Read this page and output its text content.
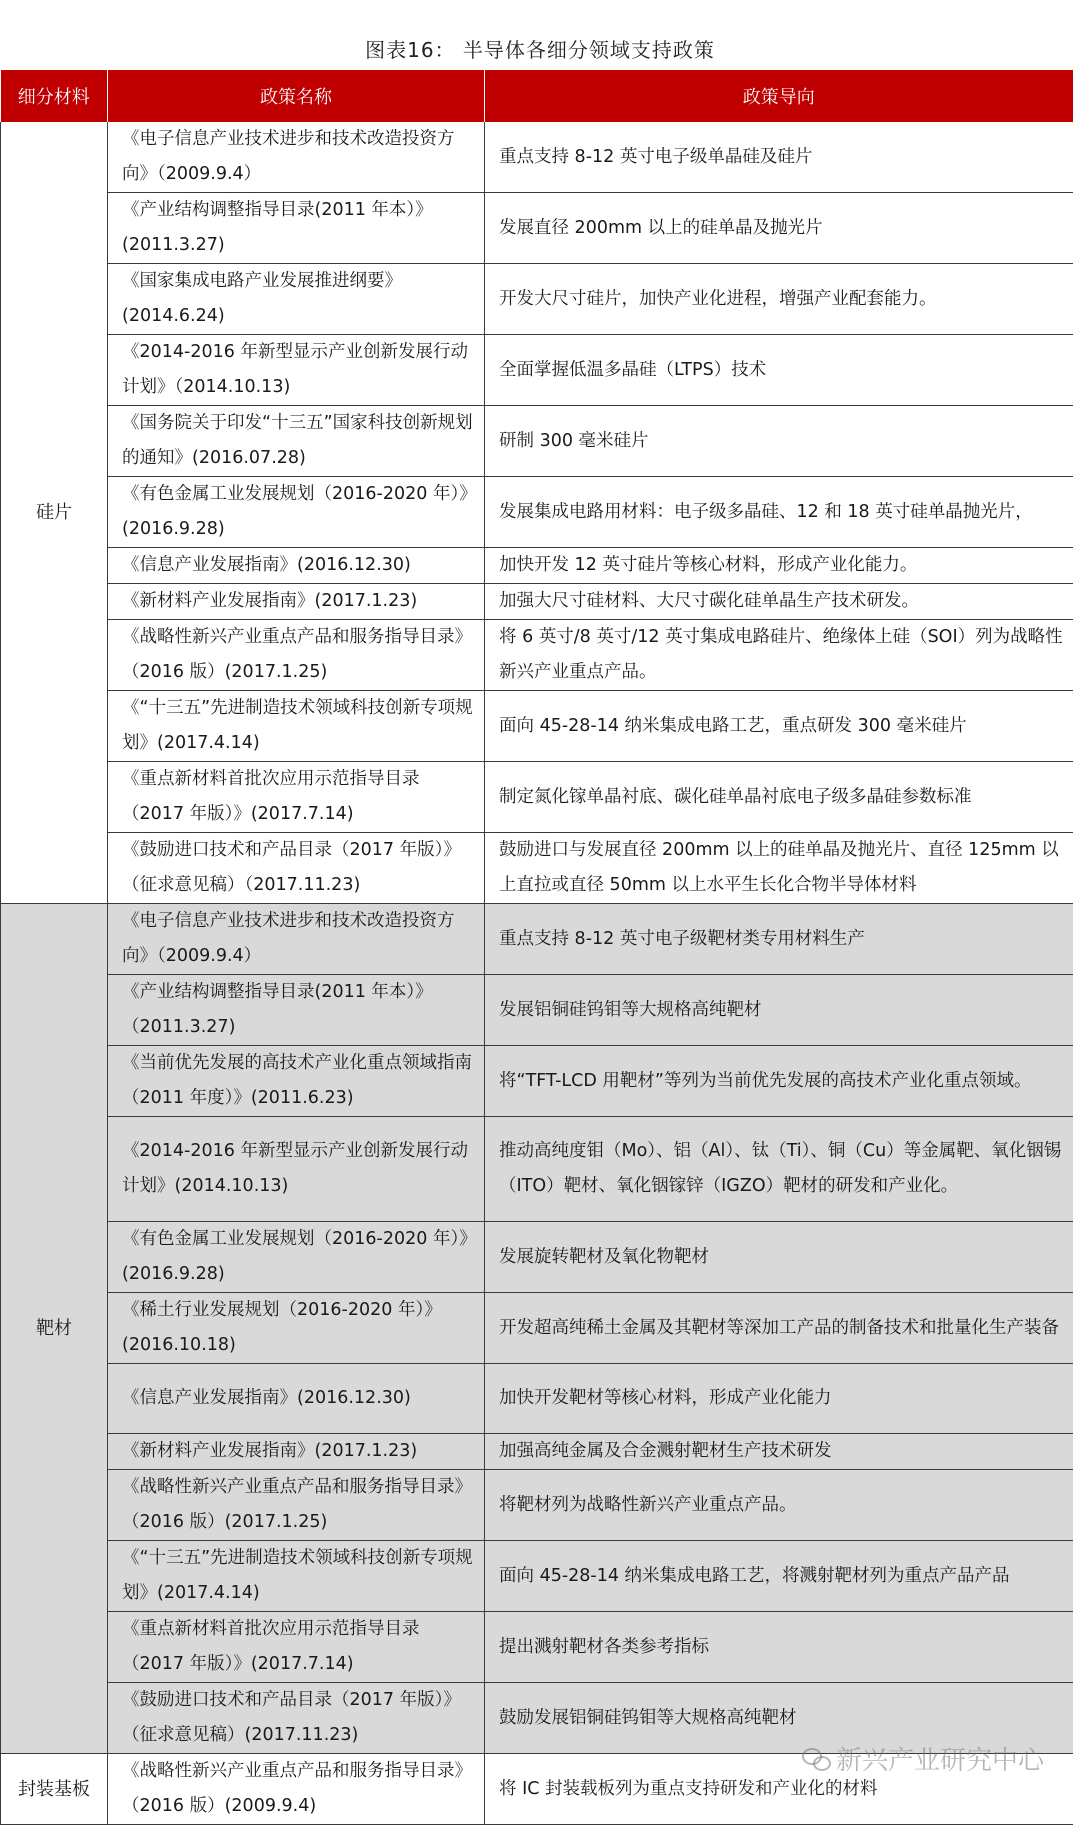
图表16： 半导体各细分领域支持政策
细分材料	政策名称	政策导向
硅片	《电子信息产业技术进步和技术改造投资方向》（2009.9.4）	重点支持 8-12 英寸电子级单晶硅及硅片
	《产业结构调整指导目录(2011 年本）》(2011.3.27)	发展直径 200mm 以上的硅单晶及抛光片
	《国家集成电路产业发展推进纲要》(2014.6.24)	开发大尺寸硅片，加快产业化进程，增强产业配套能力。
	《2014-2016 年新型显示产业创新发展行动计划》（2014.10.13)	全面掌握低温多晶硅（LTPS）技术
	《国务院关于印发“十三五”国家科技创新规划的通知》(2016.07.28)	研制 300 毫米硅片
	《有色金属工业发展规划（2016-2020 年）》(2016.9.28)	发展集成电路用材料：电子级多晶硅、12 和 18 英寸硅单晶抛光片，
	《信息产业发展指南》(2016.12.30)	加快开发 12 英寸硅片等核心材料，形成产业化能力。
	《新材料产业发展指南》(2017.1.23)	加强大尺寸硅材料、大尺寸碳化硅单晶生产技术研发。
	《战略性新兴产业重点产品和服务指导目录》（2016 版）(2017.1.25)	将 6 英寸/8 英寸/12 英寸集成电路硅片、绝缘体上硅（SOI）列为战略性新兴产业重点产品。
	《“十三五”先进制造技术领域科技创新专项规划》(2017.4.14)	面向 45-28-14 纳米集成电路工艺，重点研发 300 毫米硅片
	《重点新材料首批次应用示范指导目录（2017 年版）》(2017.7.14)	制定氮化镓单晶衬底、碳化硅单晶衬底电子级多晶硅参数标准
	《鼓励进口技术和产品目录（2017 年版）》（征求意见稿）（2017.11.23)	鼓励进口与发展直径 200mm 以上的硅单晶及抛光片、直径 125mm 以上直拉或直径 50mm 以上水平生长化合物半导体材料
靶材	《电子信息产业技术进步和技术改造投资方向》（2009.9.4）	重点支持 8-12 英寸电子级靶材类专用材料生产
	《产业结构调整指导目录(2011 年本）》（2011.3.27)	发展铝铜硅钨钼等大规格高纯靶材
	《当前优先发展的高技术产业化重点领域指南（2011 年度）》(2011.6.23)	将“TFT-LCD 用靶材”等列为当前优先发展的高技术产业化重点领域。
	《2014-2016 年新型显示产业创新发展行动计划》(2014.10.13)	推动高纯度钼（Mo）、铝（Al）、钛（Ti）、铜（Cu）等金属靶、氧化铟锡（ITO）靶材、氧化铟镓锌（IGZO）靶材的研发和产业化。
	《有色金属工业发展规划（2016-2020 年）》(2016.9.28)	发展旋转靶材及氧化物靶材
	《稀土行业发展规划（2016-2020 年）》(2016.10.18)	开发超高纯稀土金属及其靶材等深加工产品的制备技术和批量化生产装备
	《信息产业发展指南》(2016.12.30)	加快开发靶材等核心材料，形成产业化能力
	《新材料产业发展指南》(2017.1.23)	加强高纯金属及合金溅射靶材生产技术研发
	《战略性新兴产业重点产品和服务指导目录》（2016 版）(2017.1.25)	将靶材列为战略性新兴产业重点产品。
	《“十三五”先进制造技术领域科技创新专项规划》(2017.4.14)	面向 45-28-14 纳米集成电路工艺，将溅射靶材列为重点产品产品
	《重点新材料首批次应用示范指导目录（2017 年版）》(2017.7.14)	提出溅射靶材各类参考指标
	《鼓励进口技术和产品目录（2017 年版）》（征求意见稿）(2017.11.23)	鼓励发展铝铜硅钨钼等大规格高纯靶材
封装基板	《战略性新兴产业重点产品和服务指导目录》（2016 版）(2009.9.4)	将 IC 封装载板列为重点支持研发和产业化的材料
新兴产业研究中心
